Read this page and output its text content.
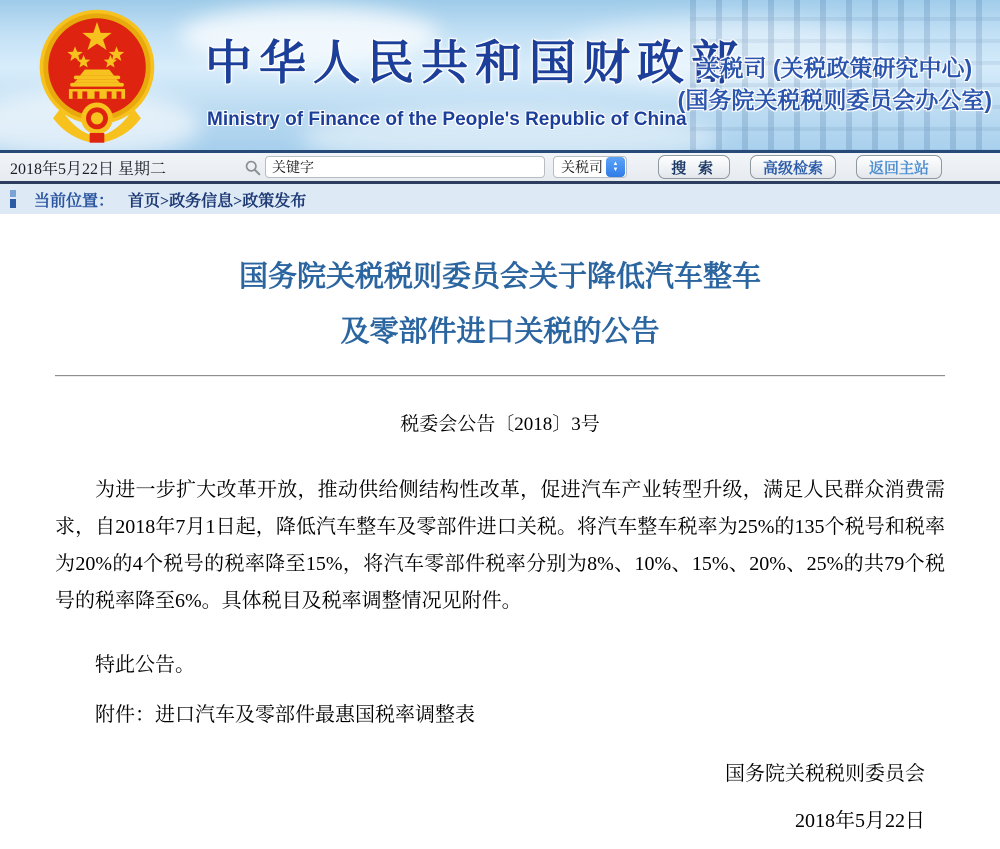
中华人民共和国财政部
Ministry of Finance of the People's Republic of China
关税司 (关税政策研究中心)
(国务院关税税则委员会办公室)
2018年5月22日 星期二
关键字	关税司 ▲
▼	搜 索	高级检索	返回主站
当前位置： 首页>政务信息>政策发布
国务院关税税则委员会关于降低汽车整车
及零部件进口关税的公告
税委会公告〔2018〕3号

为进一步扩大改革开放，推动供给侧结构性改革，促进汽车产业转型升级，满足人民群众消费需求，自2018年7月1日起，降低汽车整车及零部件进口关税。将汽车整车税率为25%的135个税号和税率为20%的4个税号的税率降至15%，将汽车零部件税率分别为8%、10%、15%、20%、25%的共79个税号的税率降至6%。具体税目及税率调整情况见附件。

特此公告。

附件：进口汽车及零部件最惠国税率调整表

国务院关税税则委员会
2018年5月22日
